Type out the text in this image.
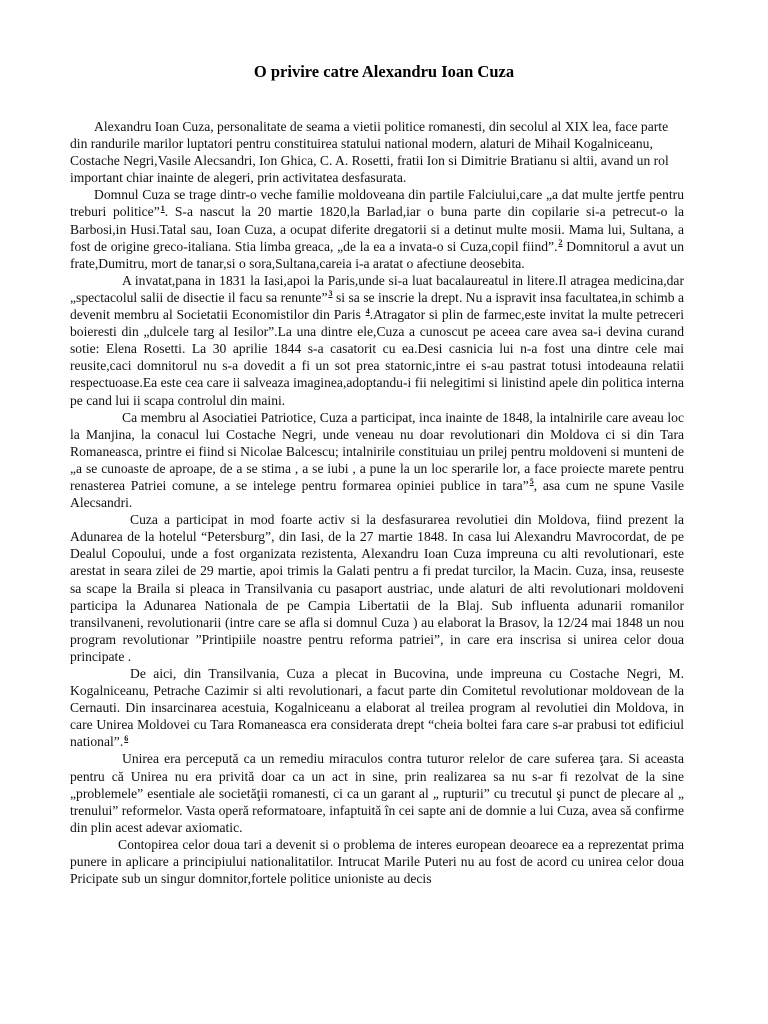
O privire catre Alexandru Ioan Cuza

Alexandru Ioan Cuza, personalitate de seama a vietii politice romanesti, din secolul al XIX lea, face parte din randurile marilor luptatori pentru constituirea statului national modern, alaturi de Mihail Kogalniceanu, Costache Negri,Vasile Alecsandri, Ion Ghica, C. A. Rosetti, fratii Ion si Dimitrie Bratianu si altii, avand un rol important chiar inainte de alegeri, prin activitatea desfasurata.

Domnul Cuza se trage dintr-o veche familie moldoveana din partile Falciului,care „a dat multe jertfe pentru treburi politice”$^1$. S-a nascut la 20 martie 1820,la Barlad,iar o buna parte din copilarie si-a petrecut-o la Barbosi,in Husi.Tatal sau, Ioan Cuza, a ocupat diferite dregatorii si a detinut multe mosii. Mama lui, Sultana, a fost de origine greco-italiana. Stia limba greaca, „de la ea a invata-o si Cuza,copil fiind”.$^2$ Domnitorul a avut un frate,Dumitru, mort de tanar,si o sora,Sultana,careia i-a aratat o afectiune deosebita.

A invatat,pana in 1831 la Iasi,apoi la Paris,unde si-a luat bacalaureatul in litere.Il atragea medicina,dar „spectacolul salii de disectie il facu sa renunte”$^3$ si sa se inscrie la drept. Nu a ispravit insa facultatea,in schimb a devenit membru al Societatii Economistilor din Paris $^4$.Atragator si plin de farmec,este invitat la multe petreceri boieresti din „dulcele targ al Iesilor”.La una dintre ele,Cuza a cunoscut pe aceea care avea sa-i devina curand sotie: Elena Rosetti. La 30 aprilie 1844 s-a casatorit cu ea.Desi casnicia lui n-a fost una dintre cele mai reusite,caci domnitorul nu s-a dovedit a fi un sot prea statornic,intre ei s-au pastrat totusi intodeauna relatii respectuoase.Ea este cea care ii salveaza imaginea,adoptandu-i fii nelegitimi si linistind apele din politica interna pe cand lui ii scapa controlul din maini.

Ca membru al Asociatiei Patriotice, Cuza a participat, inca inainte de 1848, la intalnirile care aveau loc la Manjina, la conacul lui Costache Negri, unde veneau nu doar revolutionari din Moldova ci si din Tara Romaneasca, printre ei fiind si Nicolae Balcescu; intalnirile constituiau un prilej pentru moldoveni si munteni de „a se cunoaste de aproape, de a se stima , a se iubi , a pune la un loc sperarile lor, a face proiecte marete pentru renasterea Patriei comune, a se intelege pentru formarea opiniei publice in tara”$^5$, asa cum ne spune Vasile Alecsandri.

Cuza a participat in mod foarte activ si la desfasurarea revolutiei din Moldova, fiind prezent la Adunarea de la hotelul “Petersburg”, din Iasi, de la 27 martie 1848. In casa lui Alexandru Mavrocordat, de pe Dealul Copoului, unde a fost organizata rezistenta, Alexandru Ioan Cuza impreuna cu alti revolutionari, este arestat in seara zilei de 29 martie, apoi trimis la Galati pentru a fi predat turcilor, la Macin. Cuza, insa, reuseste sa scape la Braila si pleaca in Transilvania cu pasaport austriac, unde alaturi de alti revolutionari moldoveni participa la Adunarea Nationala de pe Campia Libertatii de la Blaj. Sub influenta adunarii romanilor transilvaneni, revolutionarii (intre care se afla si domnul Cuza ) au elaborat la Brasov, la 12/24 mai 1848 un nou program revolutionar ”Printipiile noastre pentru reforma patriei”, in care era inscrisa si unirea celor doua principate .

De aici, din Transilvania, Cuza a plecat in Bucovina, unde impreuna cu Costache Negri, M. Kogalniceanu, Petrache Cazimir si alti revolutionari, a facut parte din Comitetul revolutionar moldovean de la Cernauti. Din insarcinarea acestuia, Kogalniceanu a elaborat al treilea program al revolutiei din Moldova, in care Unirea Moldovei cu Tara Romaneasca era considerata drept “cheia boltei fara care s-ar prabusi tot edificiul national”.$^6$

Unirea era percepută ca un remediu miraculos contra tuturor relelor de care suferea ţara. Si aceasta pentru că Unirea nu era privită doar ca un act in sine, prin realizarea sa nu s-ar fi rezolvat de la sine „problemele” esentiale ale societăţii romanesti, ci ca un garant al „ rupturii” cu trecutul şi punct de plecare al „ trenului” reformelor. Vasta operă reformatoare, infaptuită în cei sapte ani de domnie a lui Cuza, avea să confirme din plin acest adevar axiomatic.

Contopirea celor doua tari a devenit si o problema de interes european deoarece ea a reprezentat prima punere in aplicare a principiului nationalitatilor. Intrucat Marile Puteri nu au fost de acord cu unirea celor doua Pricipate sub un singur domnitor,fortele politice unioniste au decis
